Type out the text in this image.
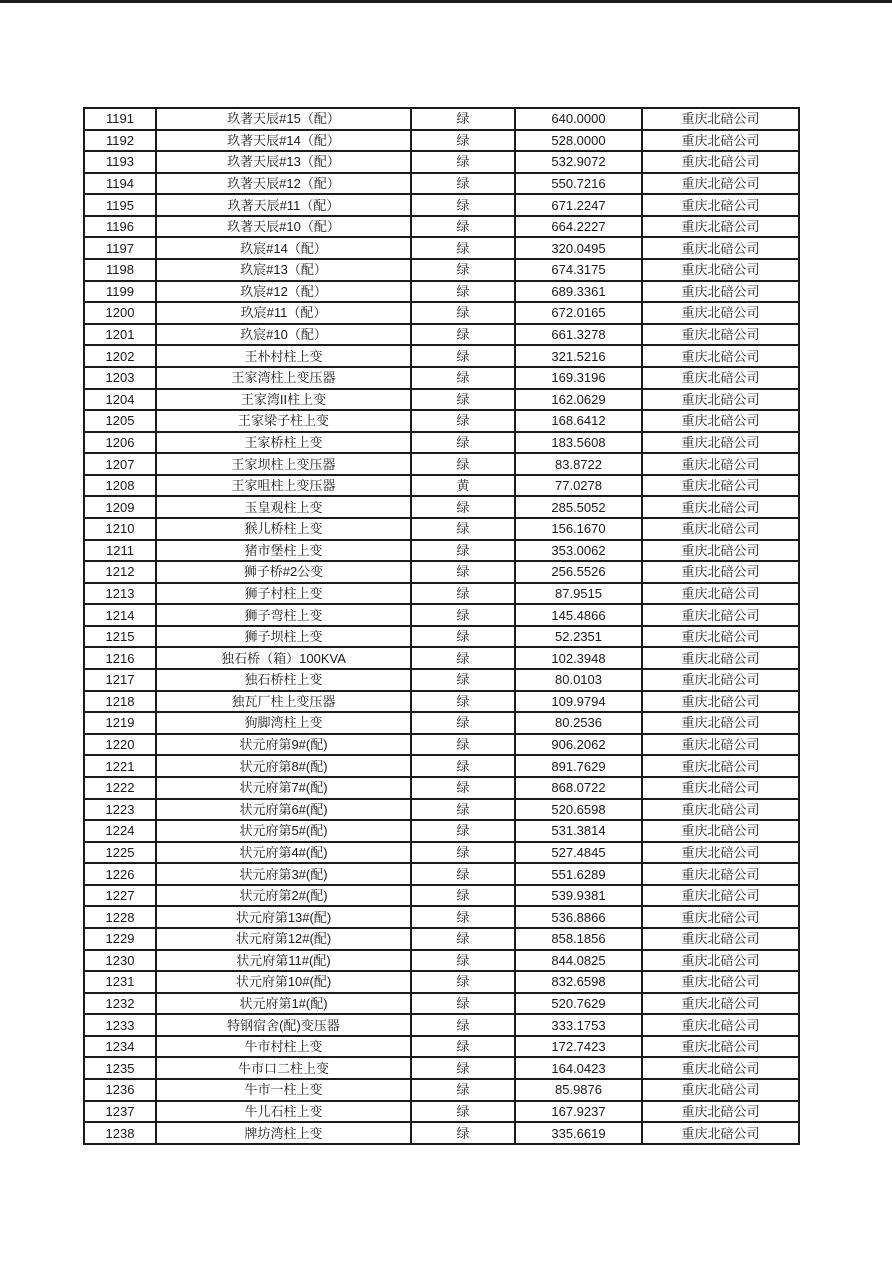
1191	玖著天辰#15（配）	绿	640.0000	重庆北碚公司
1192	玖著天辰#14（配）	绿	528.0000	重庆北碚公司
1193	玖著天辰#13（配）	绿	532.9072	重庆北碚公司
1194	玖著天辰#12（配）	绿	550.7216	重庆北碚公司
1195	玖著天辰#11（配）	绿	671.2247	重庆北碚公司
1196	玖著天辰#10（配）	绿	664.2227	重庆北碚公司
1197	玖宸#14（配）	绿	320.0495	重庆北碚公司
1198	玖宸#13（配）	绿	674.3175	重庆北碚公司
1199	玖宸#12（配）	绿	689.3361	重庆北碚公司
1200	玖宸#11（配）	绿	672.0165	重庆北碚公司
1201	玖宸#10（配）	绿	661.3278	重庆北碚公司
1202	王朴村柱上变	绿	321.5216	重庆北碚公司
1203	王家湾柱上变压器	绿	169.3196	重庆北碚公司
1204	王家湾II柱上变	绿	162.0629	重庆北碚公司
1205	王家梁子柱上变	绿	168.6412	重庆北碚公司
1206	王家桥柱上变	绿	183.5608	重庆北碚公司
1207	王家坝柱上变压器	绿	83.8722	重庆北碚公司
1208	王家咀柱上变压器	黄	77.0278	重庆北碚公司
1209	玉皇观柱上变	绿	285.5052	重庆北碚公司
1210	猴儿桥柱上变	绿	156.1670	重庆北碚公司
1211	猪市堡柱上变	绿	353.0062	重庆北碚公司
1212	狮子桥#2公变	绿	256.5526	重庆北碚公司
1213	狮子村柱上变	绿	87.9515	重庆北碚公司
1214	狮子弯柱上变	绿	145.4866	重庆北碚公司
1215	狮子坝柱上变	绿	52.2351	重庆北碚公司
1216	独石桥（箱）100KVA	绿	102.3948	重庆北碚公司
1217	独石桥柱上变	绿	80.0103	重庆北碚公司
1218	独瓦厂柱上变压器	绿	109.9794	重庆北碚公司
1219	狗脚湾柱上变	绿	80.2536	重庆北碚公司
1220	状元府第9#(配)	绿	906.2062	重庆北碚公司
1221	状元府第8#(配)	绿	891.7629	重庆北碚公司
1222	状元府第7#(配)	绿	868.0722	重庆北碚公司
1223	状元府第6#(配)	绿	520.6598	重庆北碚公司
1224	状元府第5#(配)	绿	531.3814	重庆北碚公司
1225	状元府第4#(配)	绿	527.4845	重庆北碚公司
1226	状元府第3#(配)	绿	551.6289	重庆北碚公司
1227	状元府第2#(配)	绿	539.9381	重庆北碚公司
1228	状元府第13#(配)	绿	536.8866	重庆北碚公司
1229	状元府第12#(配)	绿	858.1856	重庆北碚公司
1230	状元府第11#(配)	绿	844.0825	重庆北碚公司
1231	状元府第10#(配)	绿	832.6598	重庆北碚公司
1232	状元府第1#(配)	绿	520.7629	重庆北碚公司
1233	特钢宿舍(配)变压器	绿	333.1753	重庆北碚公司
1234	牛市村柱上变	绿	172.7423	重庆北碚公司
1235	牛市口二柱上变	绿	164.0423	重庆北碚公司
1236	牛市一柱上变	绿	85.9876	重庆北碚公司
1237	牛儿石柱上变	绿	167.9237	重庆北碚公司
1238	牌坊湾柱上变	绿	335.6619	重庆北碚公司
